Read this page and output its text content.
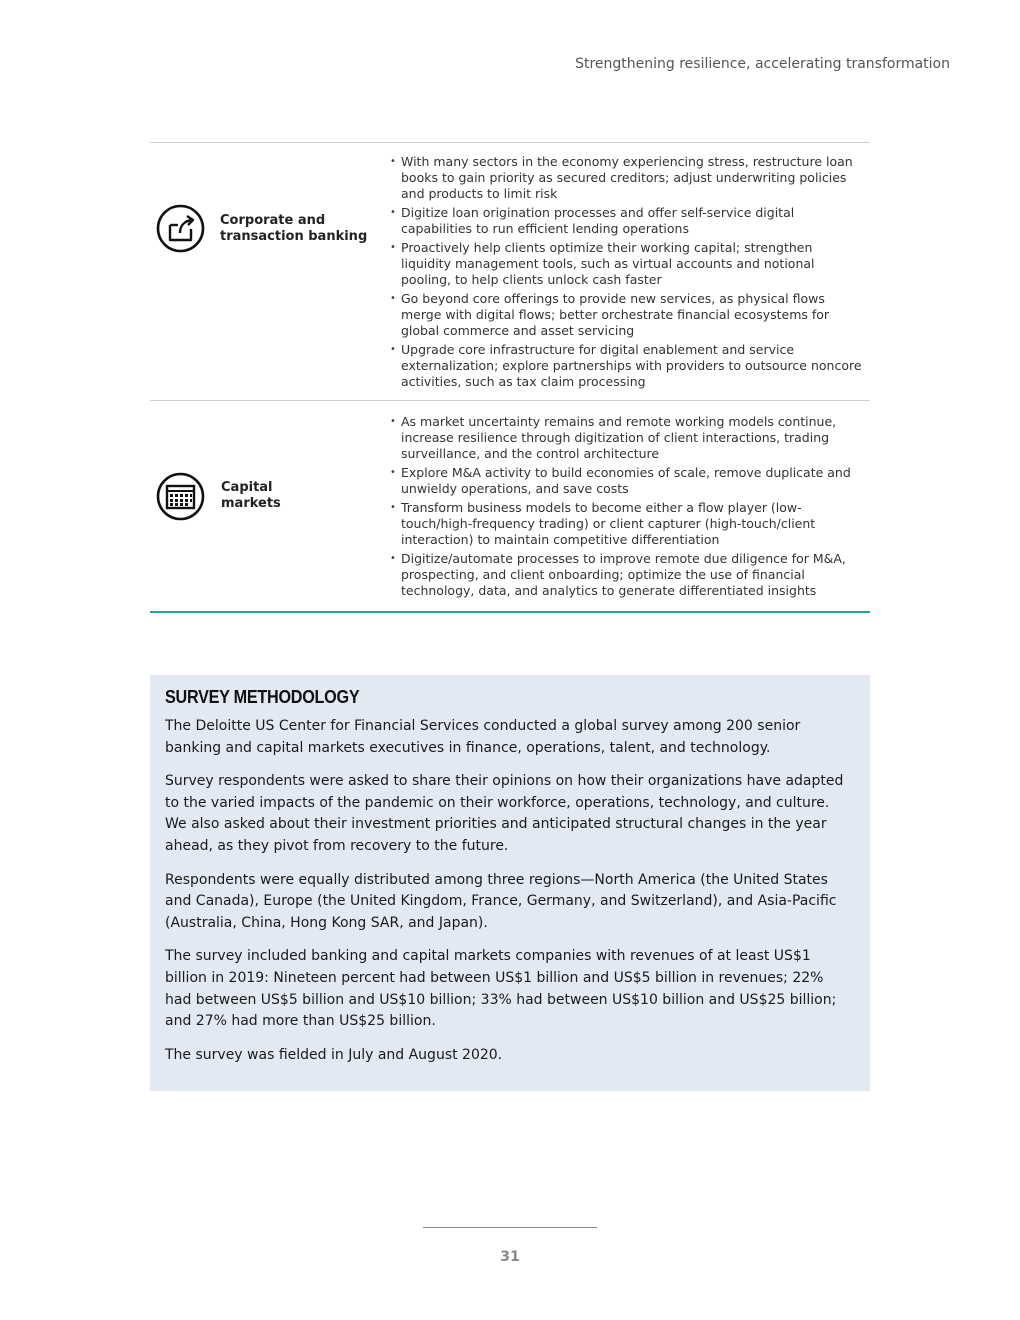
Strengthening resilience, accelerating transformation
Corporate and
transaction banking
• With many sectors in the economy experiencing stress, restructure loan books to gain priority as secured creditors; adjust underwriting policies and products to limit risk
• Digitize loan origination processes and offer self-service digital capabilities to run efficient lending operations
• Proactively help clients optimize their working capital; strengthen liquidity management tools, such as virtual accounts and notional pooling, to help clients unlock cash faster
• Go beyond core offerings to provide new services, as physical flows merge with digital flows; better orchestrate financial ecosystems for global commerce and asset servicing
• Upgrade core infrastructure for digital enablement and service externalization; explore partnerships with providers to outsource noncore activities, such as tax claim processing
Capital
markets
• As market uncertainty remains and remote working models continue, increase resilience through digitization of client interactions, trading surveillance, and the control architecture
• Explore M&A activity to build economies of scale, remove duplicate and unwieldy operations, and save costs
• Transform business models to become either a flow player (low-touch/high-frequency trading) or client capturer (high-touch/client interaction) to maintain competitive differentiation
• Digitize/automate processes to improve remote due diligence for M&A, prospecting, and client onboarding; optimize the use of financial technology, data, and analytics to generate differentiated insights
SURVEY METHODOLOGY

The Deloitte US Center for Financial Services conducted a global survey among 200 senior banking and capital markets executives in finance, operations, talent, and technology.

Survey respondents were asked to share their opinions on how their organizations have adapted to the varied impacts of the pandemic on their workforce, operations, technology, and culture. We also asked about their investment priorities and anticipated structural changes in the year ahead, as they pivot from recovery to the future.

Respondents were equally distributed among three regions—North America (the United States and Canada), Europe (the United Kingdom, France, Germany, and Switzerland), and Asia-Pacific (Australia, China, Hong Kong SAR, and Japan).

The survey included banking and capital markets companies with revenues of at least US$1 billion in 2019: Nineteen percent had between US$1 billion and US$5 billion in revenues; 22% had between US$5 billion and US$10 billion; 33% had between US$10 billion and US$25 billion; and 27% had more than US$25 billion.

The survey was fielded in July and August 2020.

31
